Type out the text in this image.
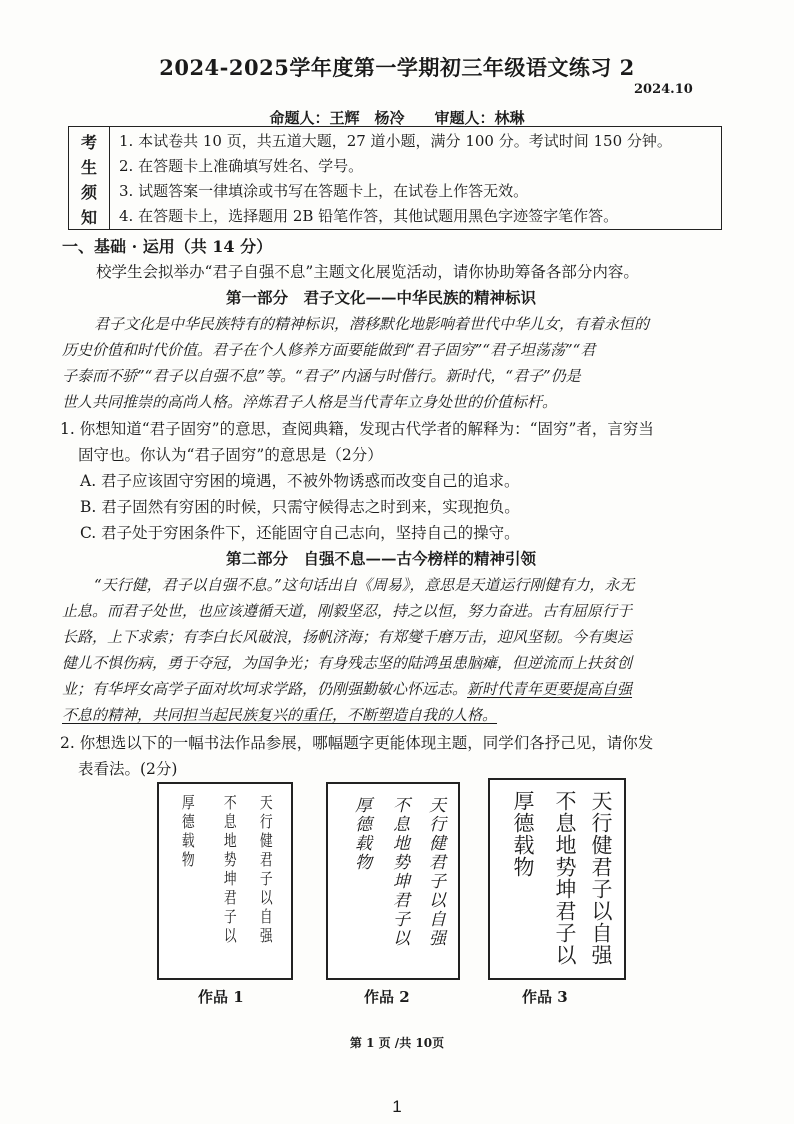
2024-2025学年度第一学期初三年级语文练习 2
2024.10
命题人：王辉　杨冷　　审题人：林琳
考
生
须
知
1. 本试卷共 10 页，共五道大题，27 道小题，满分 100 分。考试时间 150 分钟。
2. 在答题卡上准确填写姓名、学号。
3. 试题答案一律填涂或书写在答题卡上，在试卷上作答无效。
4. 在答题卡上，选择题用 2B 铅笔作答，其他试题用黑色字迹签字笔作答。
一、基础 · 运用（共 14 分）
校学生会拟举办“君子自强不息”主题文化展览活动，请你协助筹备各部分内容。
第一部分　君子文化——中华民族的精神标识
君子文化是中华民族特有的精神标识，潜移默化地影响着世代中华儿女，有着永恒的
历史价值和时代价值。君子在个人修养方面要能做到“君子固穷”“君子坦荡荡”“君
子泰而不骄”“君子以自强不息”等。“君子”内涵与时偕行。新时代，“君子”仍是
世人共同推崇的高尚人格。淬炼君子人格是当代青年立身处世的价值标杆。
1. 你想知道“君子固穷”的意思，查阅典籍，发现古代学者的解释为：“固穷”者，言穷当
固守也。你认为“君子固穷”的意思是（2分）
A. 君子应该固守穷困的境遇，不被外物诱惑而改变自己的追求。
B. 君子固然有穷困的时候，只需守候得志之时到来，实现抱负。
C. 君子处于穷困条件下，还能固守自己志向，坚持自己的操守。
第二部分　自强不息——古今榜样的精神引领
“天行健，君子以自强不息。”这句话出自《周易》，意思是天道运行刚健有力，永无
止息。而君子处世，也应该遵循天道，刚毅坚忍，持之以恒，努力奋进。古有屈原行于
长路，上下求索；有李白长风破浪，扬帆济海；有郑燮千磨万击，迎风坚韧。今有奥运
健儿不惧伤病，勇于夺冠，为国争光；有身残志坚的陆鸿虽患脑瘫，但逆流而上扶贫创
业；有华坪女高学子面对坎坷求学路，仍刚强勤敏心怀远志。新时代青年更要提高自强
不息的精神，共同担当起民族复兴的重任，不断塑造自我的人格。
2. 你想选以下的一幅书法作品参展，哪幅题字更能体现主题，同学们各抒己见，请你发
表看法。(2分)
天行健君子以自强
不息地势坤君子以
厚德载物
作品 1
天行健君子以自强
不息地势坤君子以
厚德载物
作品 2
天行健君子以自强
不息地势坤君子以
厚德载物
作品 3
第 1 页 /共 10页
1
